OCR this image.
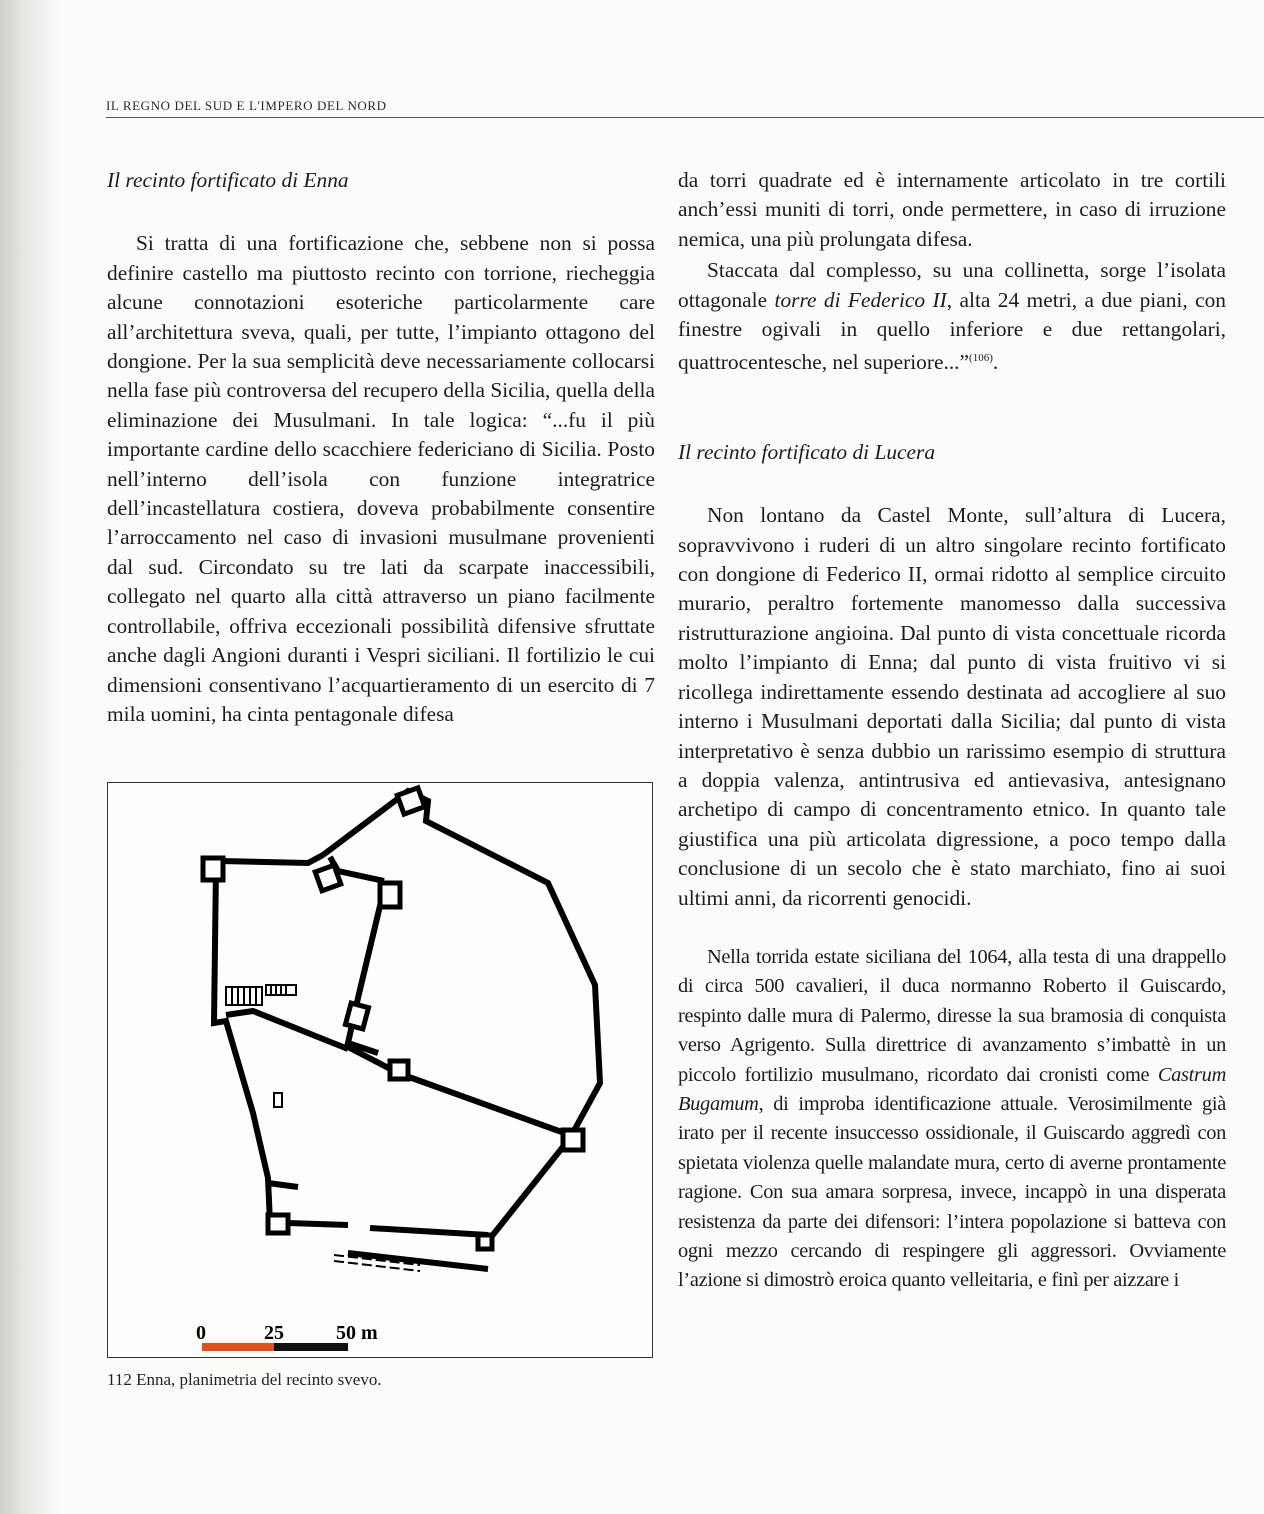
IL REGNO DEL SUD E L'IMPERO DEL NORD

Il recinto fortificato di Enna

Si tratta di una fortificazione che, sebbene non si possa definire castello ma piuttosto recinto con torrione, riecheggia alcune connotazioni esoteriche particolarmente care all’architettura sveva, quali, per tutte, l’impianto ottagono del dongione. Per la sua semplicità deve necessariamente collocarsi nella fase più controversa del recupero della Sicilia, quella della eliminazione dei Musulmani. In tale logica: “...fu il più importante cardine dello scacchiere federiciano di Sicilia. Posto nell’interno dell’isola con funzione integratrice dell’incastellatura costiera, doveva probabilmente consentire l’arroccamento nel caso di invasioni musulmane provenienti dal sud. Circondato su tre lati da scarpate inaccessibili, collegato nel quarto alla città attraverso un piano facilmente controllabile, offriva eccezionali possibilità difensive sfruttate anche dagli Angioni duranti i Vespri siciliani. Il fortilizio le cui dimensioni consentivano l’acquartieramento di un esercito di 7 mila uomini, ha cinta pentagonale difesa

0	25	50 m
112 Enna, planimetria del recinto svevo.

da torri quadrate ed è internamente articolato in tre cortili anch’essi muniti di torri, onde permettere, in caso di irruzione nemica, una più prolungata difesa.

Staccata dal complesso, su una collinetta, sorge l’isolata ottagonale torre di Federico II, alta 24 metri, a due piani, con finestre ogivali in quello inferiore e due rettangolari, quattrocentesche, nel superiore...”$^{(106)}$.

Il recinto fortificato di Lucera

Non lontano da Castel Monte, sull’altura di Lucera, sopravvivono i ruderi di un altro singolare recinto fortificato con dongione di Federico II, ormai ridotto al semplice circuito murario, peraltro fortemente manomesso dalla successiva ristrutturazione angioina. Dal punto di vista concettuale ricorda molto l’impianto di Enna; dal punto di vista fruitivo vi si ricollega indirettamente essendo destinata ad accogliere al suo interno i Musulmani deportati dalla Sicilia; dal punto di vista interpretativo è senza dubbio un rarissimo esempio di struttura a doppia valenza, antintrusiva ed antievasiva, antesignano archetipo di campo di concentramento etnico. In quanto tale giustifica una più articolata digressione, a poco tempo dalla conclusione di un secolo che è stato marchiato, fino ai suoi ultimi anni, da ricorrenti genocidi.

Nella torrida estate siciliana del 1064, alla testa di una drappello di circa 500 cavalieri, il duca normanno Roberto il Guiscardo, respinto dalle mura di Palermo, diresse la sua bramosia di conquista verso Agrigento. Sulla direttrice di avanzamento s’imbattè in un piccolo fortilizio musulmano, ricordato dai cronisti come Castrum Bugamum, di improba identificazione attuale. Verosimilmente già irato per il recente insuccesso ossidionale, il Guiscardo aggredì con spietata violenza quelle malandate mura, certo di averne prontamente ragione. Con sua amara sorpresa, invece, incappò in una disperata resistenza da parte dei difensori: l’intera popolazione si batteva con ogni mezzo cercando di respingere gli aggressori. Ovviamente l’azione si dimostrò eroica quanto velleitaria, e finì per aizzare i
